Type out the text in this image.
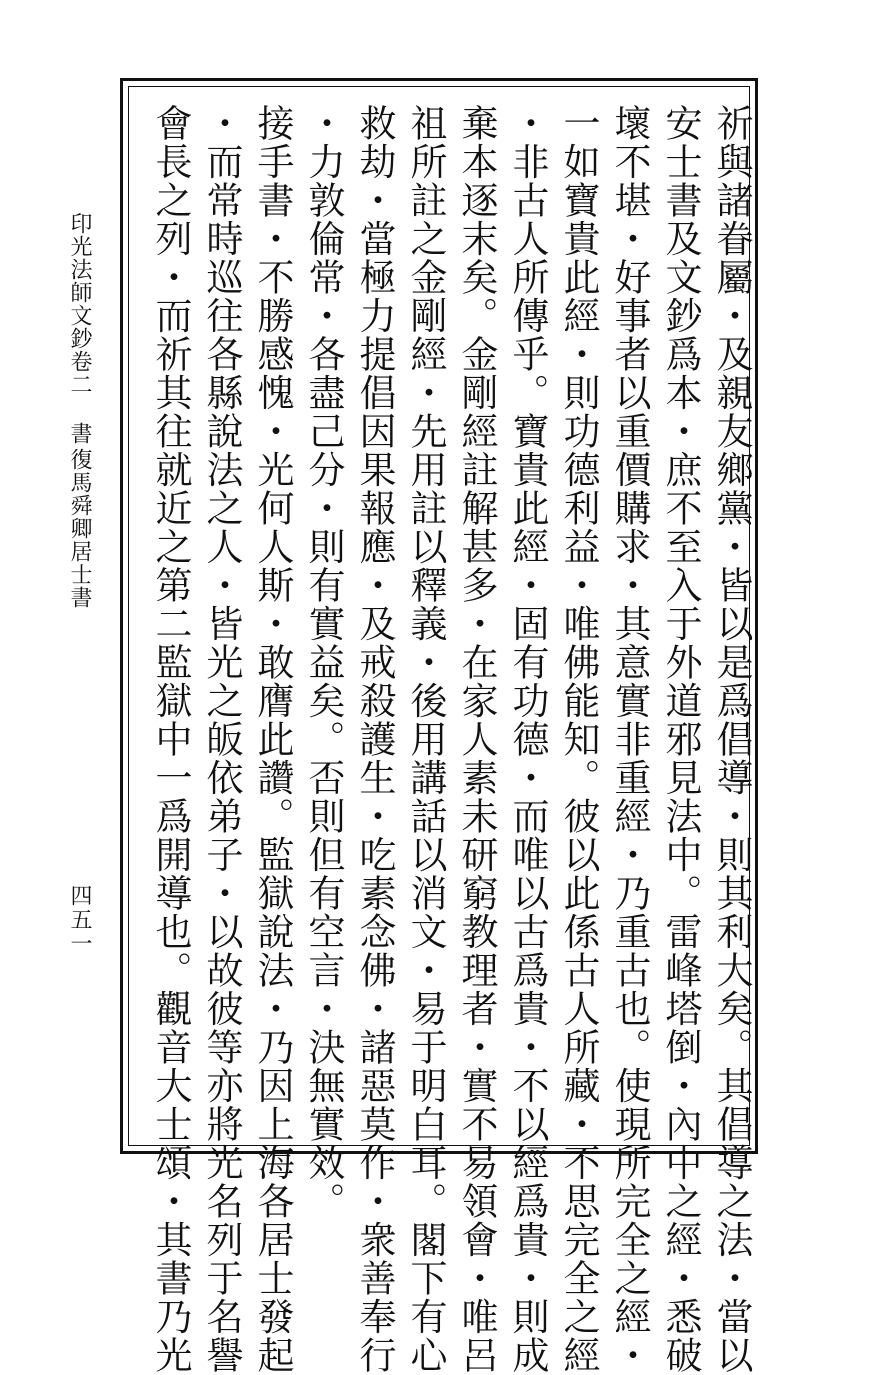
祈與諸眷屬・及親友鄉黨・皆以是爲倡導・則其利大矣。其倡導之法・當以
安士書及文鈔爲本・庶不至入于外道邪見法中。雷峰塔倒・內中之經・悉破
壞不堪・好事者以重價購求・其意實非重經・乃重古也。使現所完全之經・
一如寶貴此經・則功德利益・唯佛能知。彼以此係古人所藏・不思完全之經
・非古人所傳乎。寶貴此經・固有功德・而唯以古爲貴・不以經爲貴・則成
棄本逐末矣。金剛經註解甚多・在家人素未研窮教理者・實不易領會・唯呂
祖所註之金剛經・先用註以釋義・後用講話以消文・易于明白耳。閣下有心
救劫・當極力提倡因果報應・及戒殺護生・吃素念佛・諸惡莫作・衆善奉行
・力敦倫常・各盡己分・則有實益矣。否則但有空言・決無實效。
接手書・不勝感愧・光何人斯・敢膺此讚。監獄說法・乃因上海各居士發起
・而常時巡往各縣說法之人・皆光之皈依弟子・以故彼等亦將光名列于名譽
會長之列・而祈其往就近之第二監獄中一爲開導也。觀音大士頌・其書乃光
印光法師文鈔卷二 書
復馬舜卿居士書
四五一
